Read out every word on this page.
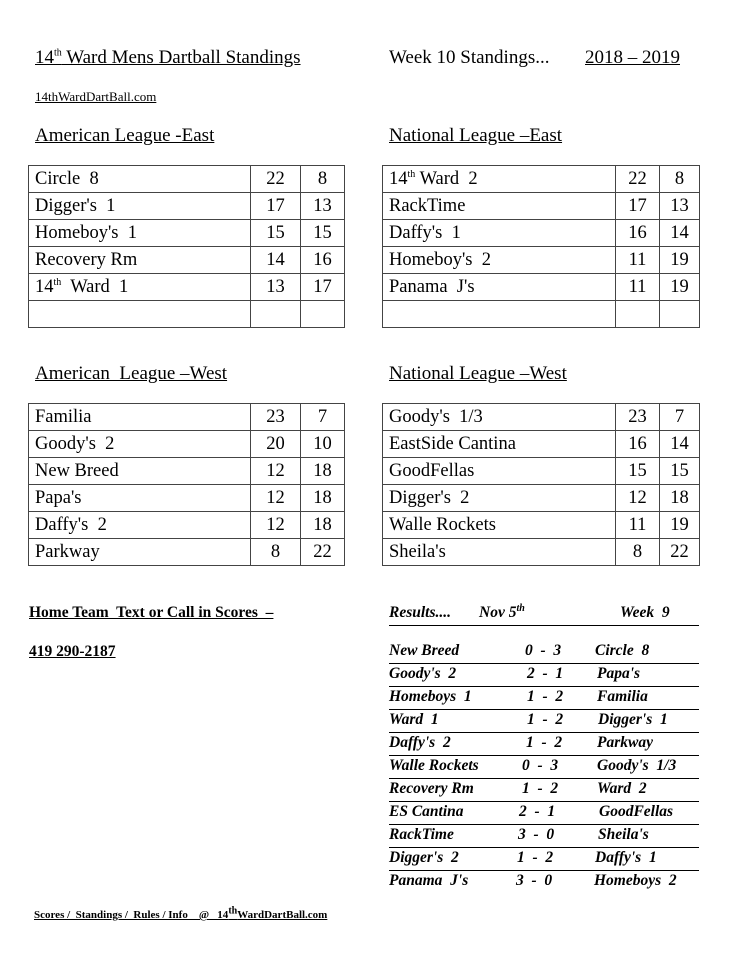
14th Ward Mens Dartball Standings	Week 10 Standings... 2018 – 2019
14thWardDartBall.com
American League -East
Circle  8	22	8
Digger's  1	17	13
Homeboy's  1	15	15
Recovery Rm	14	16
14th  Ward  1	13	17

National League –East
14th Ward  2	22	8
RackTime	17	13
Daffy's  1	16	14
Homeboy's  2	11	19
Panama  J's	11	19

American  League –West
Familia	23	7
Goody's  2	20	10
New Breed	12	18
Papa's	12	18
Daffy's  2	12	18
Parkway	8	22
National League –West
Goody's  1/3	23	7
EastSide Cantina	16	14
GoodFellas	15	15
Digger's  2	12	18
Walle Rockets	11	19
Sheila's	8	22
Home Team  Text or Call in Scores  –
419 290-2187
Results.... Nov 5th	Week  9
New Breed	0  -  3 Circle  8
Goody's  2	2  -  1 Papa's
Homeboys  1	1  -  2 Familia
Ward  1	1  -  2 Digger's  1
Daffy's  2	1  -  2 Parkway
Walle Rockets	0  -  3	Goody's  1/3
Recovery Rm	1  -  2	Ward  2
ES Cantina	2  -  1	GoodFellas
RackTime	3  -  0	Sheila's
Digger's  2	1  -  2	Daffy's  1
Panama  J's	3  -  0	Homeboys  2
Scores /  Standings /  Rules / Info    @   14thWardDartBall.com
